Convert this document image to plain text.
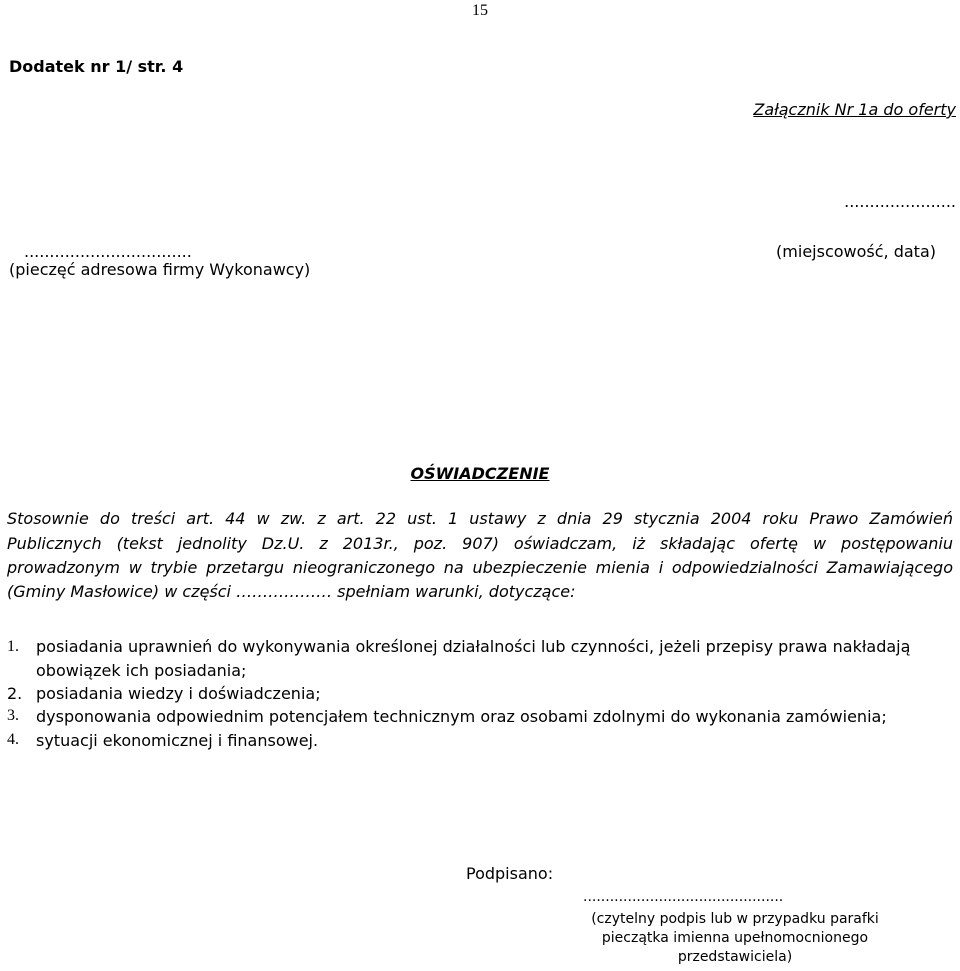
15
Dodatek nr 1/ str. 4
Załącznik Nr 1a do oferty
......................
(miejscowość, data)
.................................
(pieczęć adresowa firmy Wykonawcy)
OŚWIADCZENIE
Stosownie do treści art. 44 w zw. z art. 22 ust. 1 ustawy z dnia 29 stycznia 2004 roku Prawo Zamówień
Publicznych (tekst jednolity Dz.U. z 2013r., poz. 907) oświadczam, iż składając ofertę w postępowaniu
prowadzonym w trybie przetargu nieograniczonego na ubezpieczenie mienia i odpowiedzialności Zamawiającego
(Gminy Masłowice) w części ……………… spełniam warunki, dotyczące:
1. posiadania uprawnień do wykonywania określonej działalności lub czynności, jeżeli przepisy prawa nakładają
obowiązek ich posiadania;
2. posiadania wiedzy i doświadczenia;
3. dysponowania odpowiednim potencjałem technicznym oraz osobami zdolnymi do wykonania zamówienia;
4. sytuacji ekonomicznej i finansowej.
Podpisano:
.............................................
(czytelny podpis lub w przypadku parafki
pieczątka imienna upełnomocnionego
przedstawiciela)
